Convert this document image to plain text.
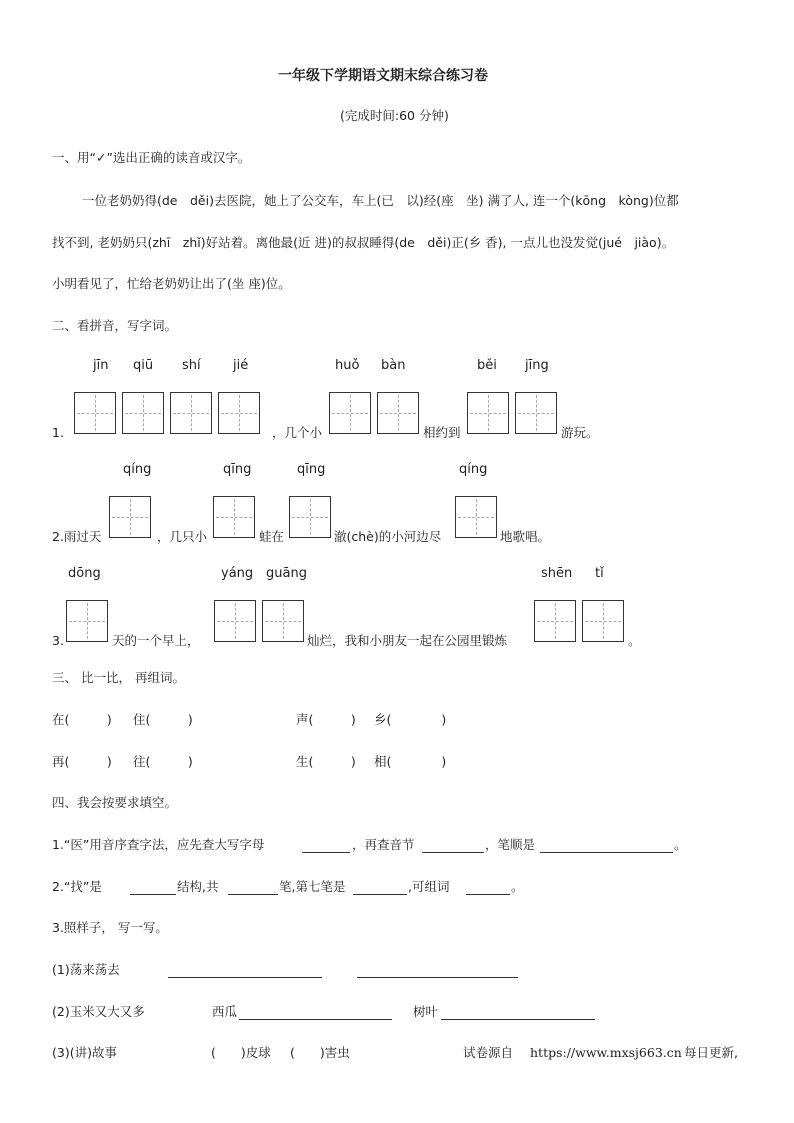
一年级下学期语文期末综合练习卷
(完成时间:60 分钟)
一、用“✓”选出正确的读音或汉字。
一位老奶奶得(de　děi)去医院，她上了公交车，车上(已　以)经(座　坐) 满了人, 连一个(kōng　kòng)位都
找不到, 老奶奶只(zhī　zhǐ)好站着。离他最(近 进)的叔叔睡得(de　děi)正(乡 香), 一点儿也没发觉(jué　jiào)。
小明看见了，忙给老奶奶让出了(坐 座)位。
二、看拼音，写字词。
jīn qiū shí jié	huǒ bàn	běi jīng
1.	，几个小	相约到	游玩。
qíng	qīng	qīng	qíng
2.雨过天	，几只小	蛙在	澈(chè)的小河边尽	地歌唱。
dōng	yáng guāng	shēn tǐ
3.	天的一个早上，	灿烂，我和小朋友一起在公园里锻炼	。
三、 比一比， 再组词。
在(　　　) 住(　　　)	声(　　　) 乡(　　　　)
再(　　　) 往(　　　)	生(　　　) 相(　　　　)
四、我会按要求填空。
1.“医”用音序查字法，应先查大写字母	，再查音节	，笔顺是	。
2.“找”是	结构,共	笔,第七笔是	,可组词	。
3.照样子， 写一写。
(1)荡来荡去
(2)玉米又大又多	西瓜	树叶
(3)(讲)故事	(　　)皮球 (　　)害虫	试卷源自 https://www.mxsj663.cn 每日更新,
